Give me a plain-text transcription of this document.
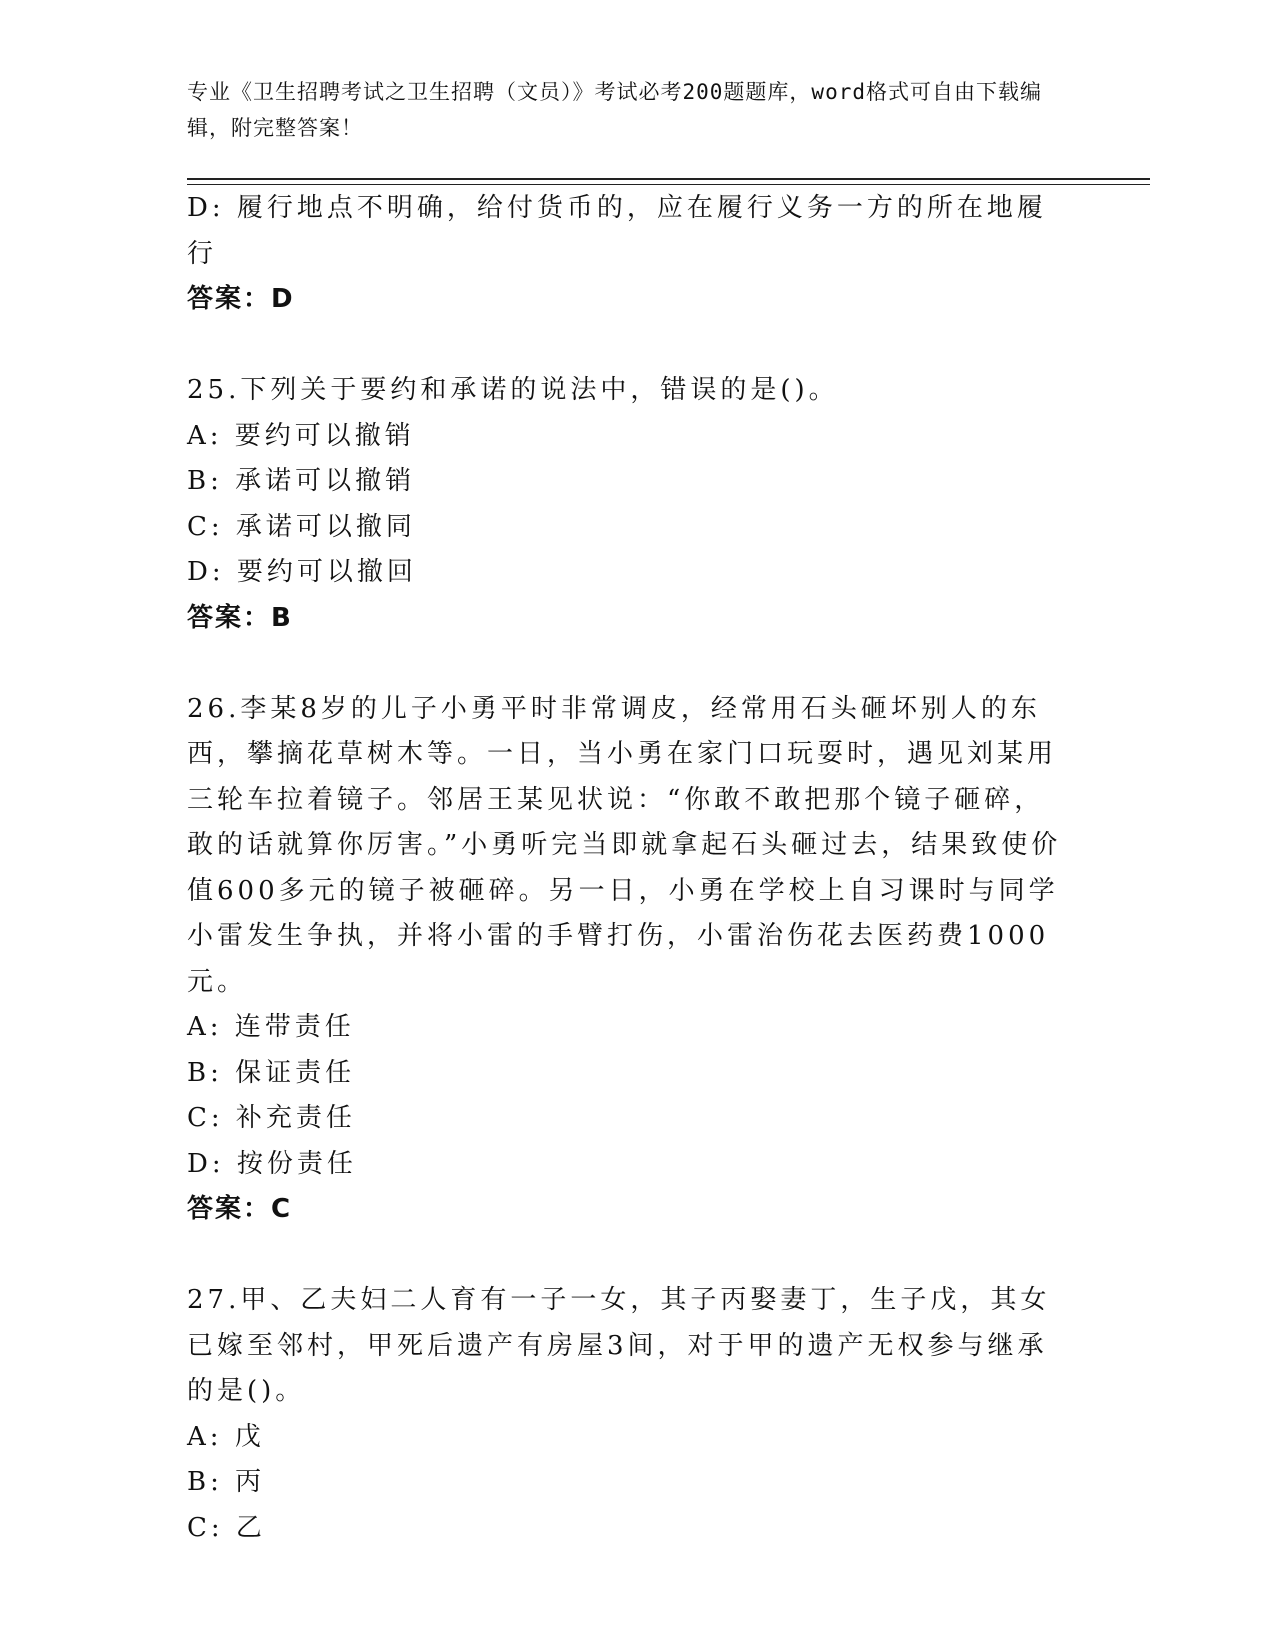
专业《卫生招聘考试之卫生招聘（文员）》考试必考200题题库，word格式可自由下载编辑，附完整答案！
D: 履行地点不明确，给付货币的，应在履行义务一方的所在地履行
答案：D
25.下列关于要约和承诺的说法中，错误的是()。
A: 要约可以撤销
B: 承诺可以撤销
C: 承诺可以撤同
D: 要约可以撤回
答案：B
26.李某8岁的儿子小勇平时非常调皮，经常用石头砸坏别人的东西，攀摘花草树木等。一日，当小勇在家门口玩耍时，遇见刘某用三轮车拉着镜子。邻居王某见状说：“你敢不敢把那个镜子砸碎，敢的话就算你厉害。”小勇听完当即就拿起石头砸过去，结果致使价值600多元的镜子被砸碎。另一日，小勇在学校上自习课时与同学小雷发生争执，并将小雷的手臂打伤，小雷治伤花去医药费1000元。
A: 连带责任
B: 保证责任
C: 补充责任
D: 按份责任
答案：C
27.甲、乙夫妇二人育有一子一女，其子丙娶妻丁，生子戊，其女已嫁至邻村，甲死后遗产有房屋3间，对于甲的遗产无权参与继承的是()。
A: 戊
B: 丙
C: 乙
